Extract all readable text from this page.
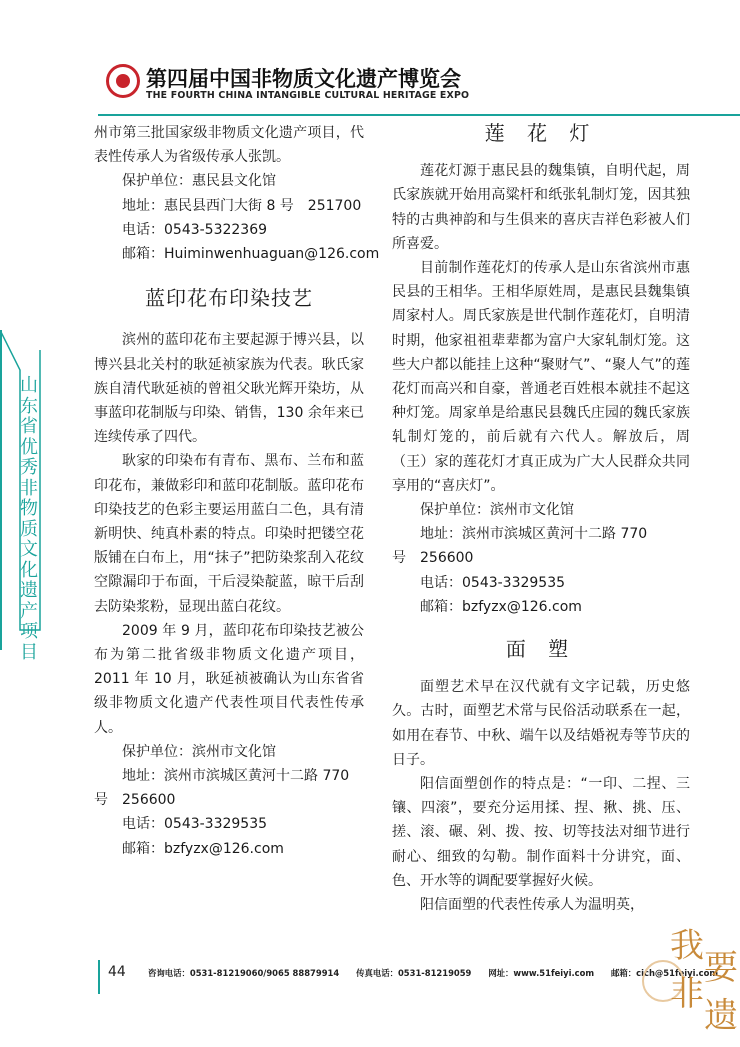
第四届中国非物质文化遗产博览会
THE FOURTH CHINA INTANGIBLE CULTURAL HERITAGE EXPO
山东省优秀非物质文化遗产项目

州市第三批国家级非物质文化遗产项目，代表性传承人为省级传承人张凯。

保护单位：惠民县文化馆

地址：惠民县西门大街 8 号　251700

电话：0543-5322369

邮箱：Huiminwenhuaguan@126.com

蓝印花布印染技艺

滨州的蓝印花布主要起源于博兴县，以博兴县北关村的耿延祯家族为代表。耿氏家族自清代耿延祯的曾祖父耿光辉开染坊，从事蓝印花制版与印染、销售，130 余年来已连续传承了四代。

耿家的印染布有青布、黑布、兰布和蓝印花布，兼做彩印和蓝印花制版。蓝印花布印染技艺的色彩主要运用蓝白二色，具有清新明快、纯真朴素的特点。印染时把镂空花版铺在白布上，用“抹子”把防染浆刮入花纹空隙漏印于布面，干后浸染靛蓝，晾干后刮去防染浆粉，显现出蓝白花纹。

2009 年 9 月，蓝印花布印染技艺被公布为第二批省级非物质文化遗产项目，2011 年 10 月，耿延祯被确认为山东省省级非物质文化遗产代表性项目代表性传承人。

保护单位：滨州市文化馆

地址：滨州市滨城区黄河十二路 770

号　256600

电话：0543-3329535

邮箱：bzfyzx@126.com

莲 花 灯

莲花灯源于惠民县的魏集镇，自明代起，周氏家族就开始用高粱杆和纸张轧制灯笼，因其独特的古典神韵和与生俱来的喜庆吉祥色彩被人们所喜爱。

目前制作莲花灯的传承人是山东省滨州市惠民县的王相华。王相华原姓周，是惠民县魏集镇周家村人。周氏家族是世代制作莲花灯，自明清时期，他家祖祖辈辈都为富户大家轧制灯笼。这些大户都以能挂上这种“聚财气”、“聚人气”的莲花灯而高兴和自豪，普通老百姓根本就挂不起这种灯笼。周家单是给惠民县魏氏庄园的魏氏家族轧制灯笼的，前后就有六代人。解放后，周（王）家的莲花灯才真正成为广大人民群众共同享用的“喜庆灯”。

保护单位：滨州市文化馆

地址：滨州市滨城区黄河十二路 770

号　256600

电话：0543-3329535

邮箱：bzfyzx@126.com

面 塑

面塑艺术早在汉代就有文字记载，历史悠久。古时，面塑艺术常与民俗活动联系在一起，如用在春节、中秋、端午以及结婚祝寿等节庆的日子。

阳信面塑创作的特点是：“一印、二捏、三镶、四滚”，要充分运用揉、捏、揪、挑、压、搓、滚、碾、剁、拨、按、切等技法对细节进行耐心、细致的勾勒。制作面料十分讲究，面、色、开水等的调配要掌握好火候。

阳信面塑的代表性传承人为温明英，

44	咨询电话：0531-81219060/9065 88879914 传真电话：0531-81219059 网址：www.51feiyi.com 邮箱：cich@51feiyi.com
我
要
非
遗
